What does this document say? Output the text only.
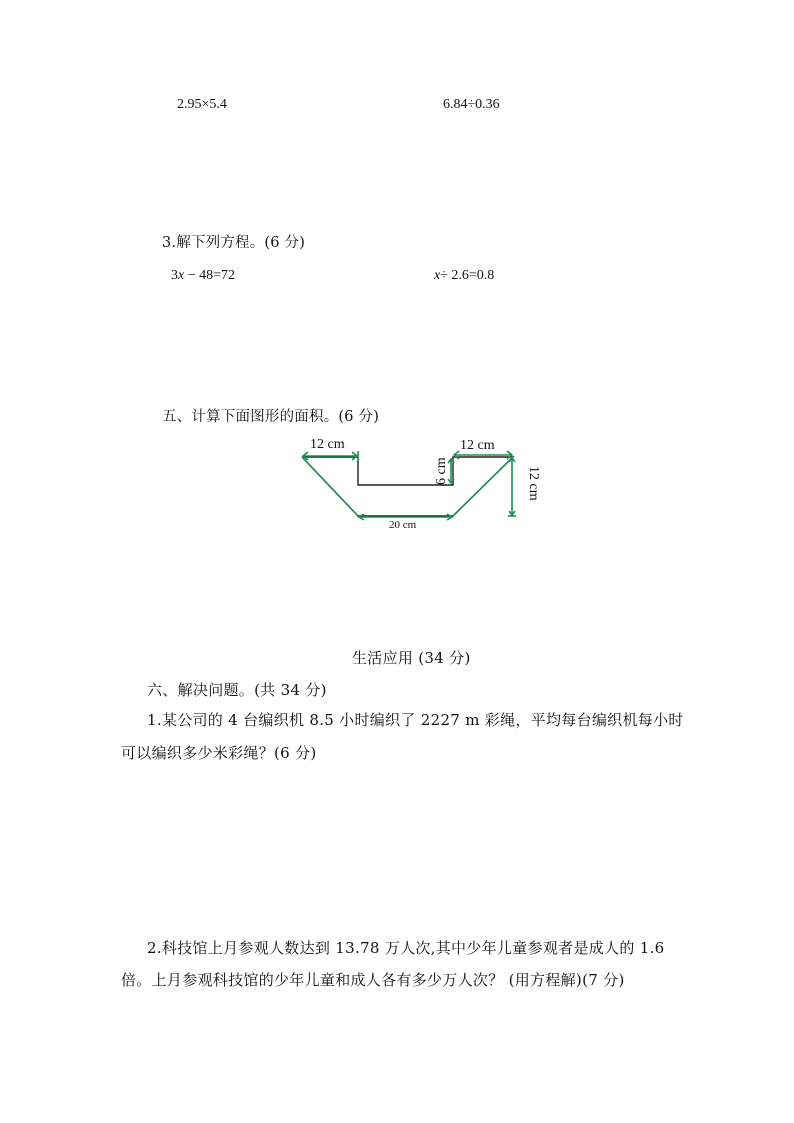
2.95×5.4	6.84÷0.36
3.解下列方程。(6 分)
3x − 48=72	x÷ 2.6=0.8
五、计算下面图形的面积。(6 分)
12 cm	12 cm
6 cm	12 cm
20 cm
生活应用 (34 分)
六、解决问题。(共 34 分)
1.某公司的 4 台编织机 8.5 小时编织了 2227 m 彩绳，平均每台编织机每小时
可以编织多少米彩绳？(6 分)
2.科技馆上月参观人数达到 13.78 万人次,其中少年儿童参观者是成人的 1.6
倍。上月参观科技馆的少年儿童和成人各有多少万人次？ (用方程解)(7 分)
